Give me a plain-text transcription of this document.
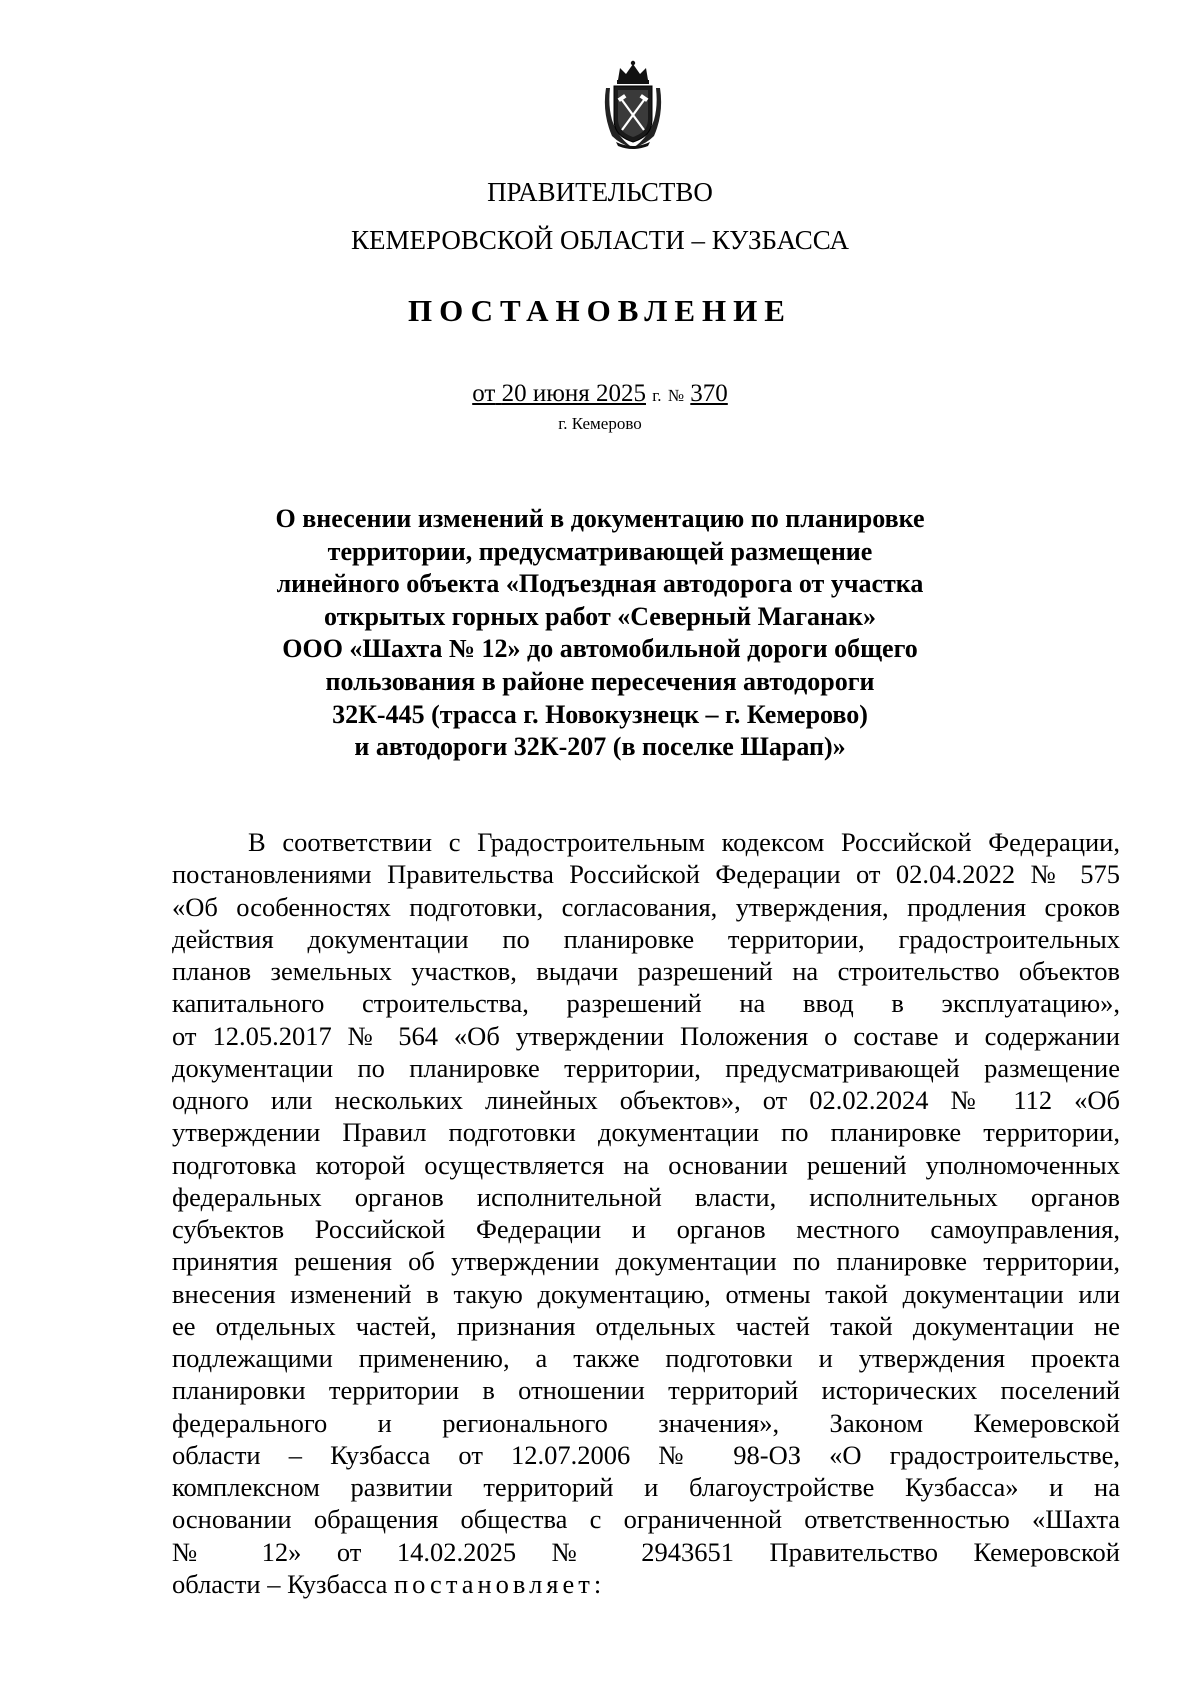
ПРАВИТЕЛЬСТВО
КЕМЕРОВСКОЙ ОБЛАСТИ – КУЗБАССА
ПОСТАНОВЛЕНИЕ
от 20 июня 2025 г. № 370
г. Кемерово
О внесении изменений в документацию по планировке
территории, предусматривающей размещение
линейного объекта «Подъездная автодорога от участка
открытых горных работ «Северный Маганак»
ООО «Шахта № 12» до автомобильной дороги общего
пользования в районе пересечения автодороги
32К-445 (трасса г. Новокузнецк – г. Кемерово)
и автодороги 32К-207 (в поселке Шарап)»
В соответствии с Градостроительным кодексом Российской Федерации,
постановлениями Правительства Российской Федерации от 02.04.2022 № 575
«Об особенностях подготовки, согласования, утверждения, продления сроков
действия документации по планировке территории, градостроительных
планов земельных участков, выдачи разрешений на строительство объектов
капитального строительства, разрешений на ввод в эксплуатацию»,
от 12.05.2017 № 564 «Об утверждении Положения о составе и содержании
документации по планировке территории, предусматривающей размещение
одного или нескольких линейных объектов», от 02.02.2024 № 112 «Об
утверждении Правил подготовки документации по планировке территории,
подготовка которой осуществляется на основании решений уполномоченных
федеральных органов исполнительной власти, исполнительных органов
субъектов Российской Федерации и органов местного самоуправления,
принятия решения об утверждении документации по планировке территории,
внесения изменений в такую документацию, отмены такой документации или
ее отдельных частей, признания отдельных частей такой документации не
подлежащими применению, а также подготовки и утверждения проекта
планировки территории в отношении территорий исторических поселений
федерального и регионального значения», Законом Кемеровской
области – Кузбасса от 12.07.2006 № 98-ОЗ «О градостроительстве,
комплексном развитии территорий и благоустройстве Кузбасса» и на
основании обращения общества с ограниченной ответственностью «Шахта
№ 12» от 14.02.2025 № 2943651 Правительство Кемеровской
области – Кузбасса постановляет:
